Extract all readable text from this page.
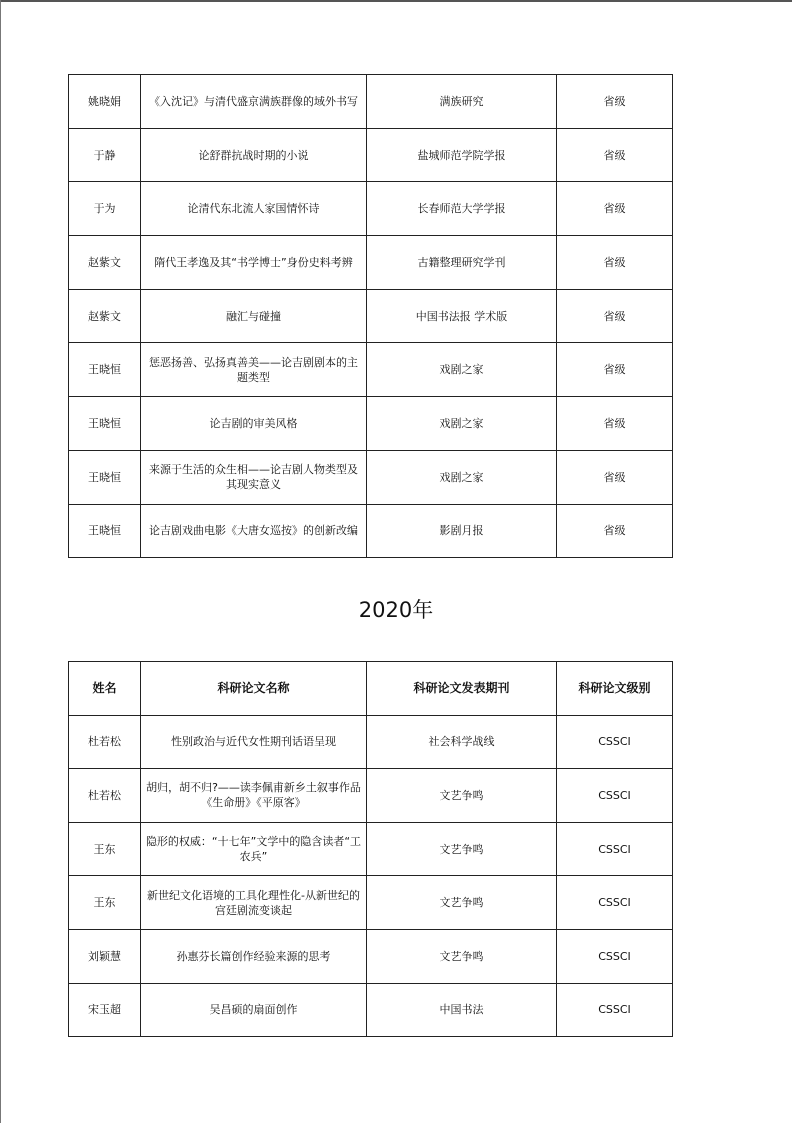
姚晓娟	《入沈记》与清代盛京满族群像的域外书写	满族研究	省级
于静	论舒群抗战时期的小说	盐城师范学院学报	省级
于为	论清代东北流人家国情怀诗	长春师范大学学报	省级
赵紫文	隋代王孝逸及其“书学博士”身份史料考辨	古籍整理研究学刊	省级
赵紫文	融汇与碰撞	中国书法报 学术版	省级
王晓恒	惩恶扬善、弘扬真善美——论吉剧剧本的主题类型	戏剧之家	省级
王晓恒	论吉剧的审美风格	戏剧之家	省级
王晓恒	来源于生活的众生相——论吉剧人物类型及其现实意义	戏剧之家	省级
王晓恒	论吉剧戏曲电影《大唐女巡按》的创新改编	影剧月报	省级
2020年
姓名	科研论文名称	科研论文发表期刊	科研论文级别
杜若松	性别政治与近代女性期刊话语呈现	社会科学战线	CSSCI
杜若松	胡归，胡不归?——读李佩甫新乡土叙事作品《生命册》《平原客》	文艺争鸣	CSSCI
王东	隐形的权威：“十七年”文学中的隐含读者“工农兵”	文艺争鸣	CSSCI
王东	新世纪文化语境的工具化理性化-从新世纪的宫廷剧流变谈起	文艺争鸣	CSSCI
刘颖慧	孙惠芬长篇创作经验来源的思考	文艺争鸣	CSSCI
宋玉超	吴昌硕的扇面创作	中国书法	CSSCI
